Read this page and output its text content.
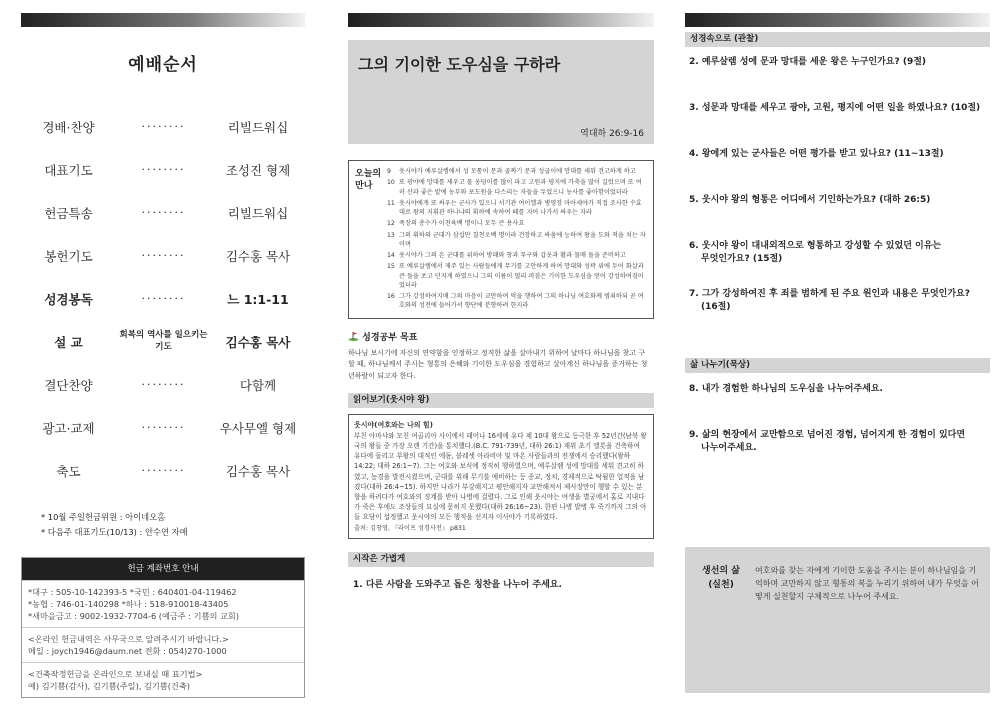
예배순서
경배·찬양	········	리빌드워십
대표기도	········	조성진 형제
헌금특송	········	리빌드워십
봉헌기도	········	김수홍 목사
성경봉독	········	느 1:1-11
설 교	회복의 역사를 일으키는 기도	김수홍 목사
결단찬양	········	다함께
광고·교제	········	우사무엘 형제
축도	········	김수홍 목사
* 10월 주일헌금위원 : 아이네오홈
* 다음주 대표기도(10/13) : 안수연 자매
헌금 계좌번호 안내
*대구 : 505-10-142393-5 *국민 : 640401-04-119462
*농협 : 746-01-140298 *하나 : 518-910018-43405
*새마을금고 : 9002-1932-7704-6 (예금주 : 기쁨의 교회)
<온라인 헌금내역은 사무국으로 알려주시기 바랍니다.>
메일 : joych1946@daum.net 전화 : 054)270-1000
<건축작정헌금을 온라인으로 보내실 때 표기법>
예) 김기쁨(감사), 김기쁨(주일), 김기쁨(건축)
그의 기이한 도우심을 구하라
역대하 26:9-16
오늘의 만나
9	웃시야가 예루살렘에서 성 모퉁이 문과 골짜기 문과 성굽이에 망대를 세워 견고하게 하고
10 또 광야에 망대를 세우고 물 웅덩이를 많이 파고 고원과 평지에 가축을 많이 길렀으며 또 여러 산과 좋은 밭에 농부와 포도원을 다스리는 자들을 두었으니 농사를 좋아함이었더라
11 웃시야에게 또 싸우는 군사가 있으니 서기관 여이엘과 병영장 마아세야가 직접 조사한 수효대로 왕의 지휘관 하나냐의 휘하에 속하여 떼를 지어 나가서 싸우는 자라
12 족장의 총수가 이천육백 명이니 모두 큰 용사요
13 그의 휘하의 군대가 삼십만 칠천오백 명이라 건장하고 싸움에 능하여 왕을 도와 적을 치는 자이며
14 웃시야가 그의 온 군대를 위하여 방패와 창과 투구와 갑옷과 활과 물매 돌을 준비하고
15 또 예루살렘에서 재주 있는 사람들에게 무기를 고안하게 하여 망대와 성곽 위에 두어 화살과 큰 돌을 쏘고 던지게 하였으니 그의 이름이 멀리 퍼짐은 기이한 도우심을 얻어 강성하여짐이었더라
16 그가 강성하여지매 그의 마음이 교만하여 악을 행하여 그의 하나님 여호와께 범죄하되 곧 여호와의 성전에 들어가서 향단에 분향하려 한지라
성경공부 목표
하나님 보시기에 자신의 연약함을 인정하고 정직한 삶을 살아내기 위하여 날마다 하나님을 찾고 구할 때, 하나님께서 주시는 형통의 은혜와 기이한 도우심을 경험하고 살아계신 하나님을 증거하는 청년하람이 되고자 한다.
읽어보기(웃시야 왕)
웃시야(여호와는 나의 힘)
부친 아마샤와 모친 여골리아 사이에서 태어나 16세에 유다 제 10대 왕으로 등극한 후 52년간(남북 왕국의 왕들 중 가장 오랜 기간)을 통치했다.(B.C. 791-739년, 대하 26:1) 재위 초기 엘롯을 건축하여 유다에 돌리고 부왕의 대적인 에돔, 블레셋 아라비아 및 마온 사람들과의 전쟁에서 승리했다(왕하14:22; 대하 26:1~7). 그는 여호와 보식에 정직히 행하였으며, 예루살렘 성에 망대를 세워 견고히 하였고, 농경을 발전시켰으며, 군대를 위해 무기를 예비하는 등 종교, 정치, 경제적으로 탁월한 업적을 남겼다(대하 26:4~15). 하지만 나라가 부강해지고 평안해지자 교만해져서 제사장만이 행할 수 있는 분향을 하려다가 여호와의 징계를 받아 나병에 걸렸다. 그로 인해 웃시야는 여생을 별궁에서 홀로 지내다가 죽은 후에도 조상들의 묘실에 묻히지 못했다(대하 26:16~23). 한편 나병 발병 후 죽기까지 그의 아들 요담이 섭정했고 웃시야의 모든 행적을 선지자 이사야가 기록하였다.
출처: 김창영, 『라이프 성경사전』 p831
시작은 가볍게
1. 다른 사람을 도와주고 돕은 칭찬을 나누어 주세요.
성경속으로 (관찰)
2. 예루살렘 성에 문과 망대를 세운 왕은 누구인가요? (9절)
3. 성문과 망대를 세우고 광야, 고원, 평지에 어떤 일을 하였나요? (10절)
4. 왕에게 있는 군사들은 어떤 평가를 받고 있나요? (11~13절)
5. 웃시야 왕의 형통은 어디에서 기인하는가요? (대하 26:5)
6. 웃시야 왕이 대내외적으로 형통하고 강성할 수 있었던 이유는
무엇인가요? (15절)
7. 그가 강성하여진 후 죄를 범하게 된 주요 원인과 내용은 무엇인가요?
(16절)
삶 나누기(묵상)
8. 내가 경험한 하나님의 도우심을 나누어주세요.
9. 삶의 현장에서 교만함으로 넘어진 경험, 넘어지게 한 경험이 있다면
나누어주세요.
생선의 삶 (실천)
여호와를 찾는 자에게 기이한 도움을 주시는 분이 하나님임을 기억하며 교만하지 않고 형통의 복을 누리기 위하여 내가 무엇을 어떻게 실천할지 구체적으로 나누어 주세요.
